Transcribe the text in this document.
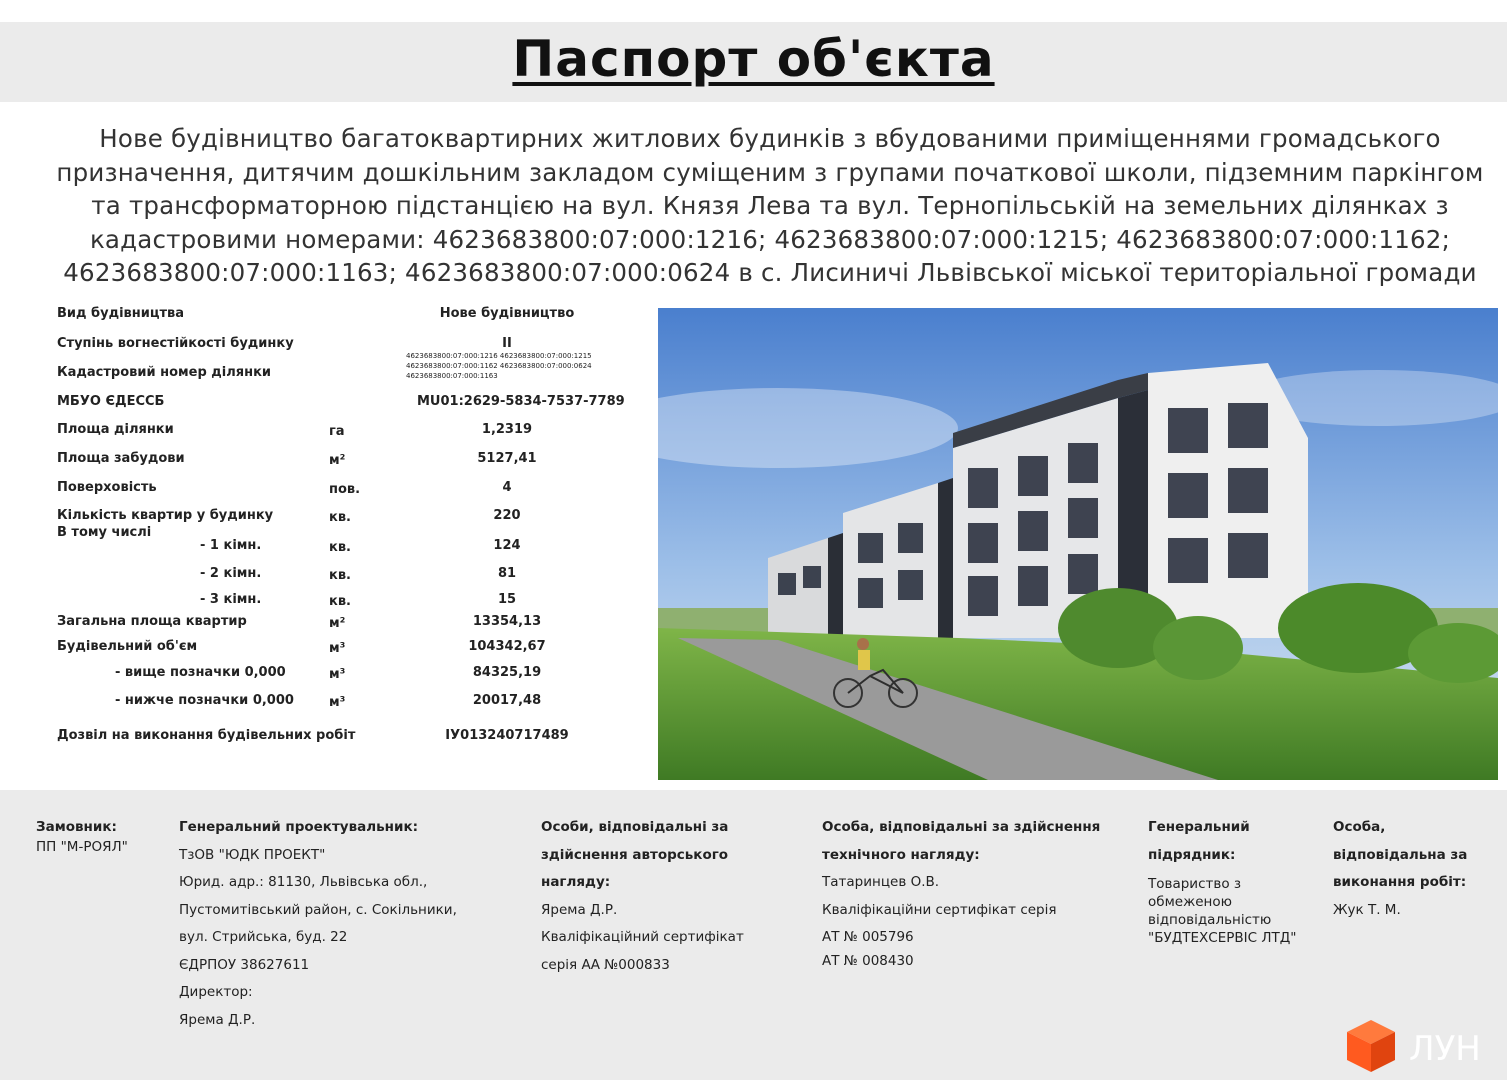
Паспорт об'єкта
Нове будівництво багатоквартирних житлових будинків з вбудованими приміщеннями громадського
призначення, дитячим дошкільним закладом суміщеним з групами початкової школи, підземним паркінгом
та трансформаторною підстанцією на вул. Князя Лева та вул. Тернопільській на земельних ділянках з
кадастровими номерами: 4623683800:07:000:1216; 4623683800:07:000:1215; 4623683800:07:000:1162;
4623683800:07:000:1163; 4623683800:07:000:0624 в с. Лисиничі Львівської міської територіальної громади
Вид будівництва	Нове будівництво
Ступінь вогнестійкості будинку	II
Кадастровий номер ділянки
4623683800:07:000:1216 4623683800:07:000:1215
4623683800:07:000:1162 4623683800:07:000:0624
4623683800:07:000:1163
МБУО ЄДЕССБ	MU01:2629-5834-7537-7789
Площа ділянки	га	1,2319
Площа забудови	м²	5127,41
Поверховість	пов.	4
Кількість квартир у будинку	кв.	220
В тому числі
- 1 кімн.	кв.	124
- 2 кімн.	кв.	81
- 3 кімн.	кв.	15
Загальна площа квартир	м²	13354,13
Будівельний об'єм	м³	104342,67
- вище позначки 0,000	м³	84325,19
- нижче позначки 0,000	м³	20017,48
Дозвіл на виконання будівельних робіт	ІУ013240717489
Замовник:
ПП "М-РОЯЛ"
Генеральний проектувальник:
ТзОВ "ЮДК ПРОЕКТ"
Юрид. адр.: 81130, Львівська обл.,
Пустомитівський район, с. Сокільники,
вул. Стрийська, буд. 22
ЄДРПОУ 38627611
Директор:
Ярема Д.Р.
Особи, відповідальні за
здійснення авторського
нагляду:
Ярема Д.Р.
Кваліфікаційний сертифікат
серія АА №000833
Особа, відповідальні за здійснення
технічного нагляду:
Татаринцев О.В.
Кваліфікаційни сертифікат серія
АТ № 005796
АТ № 008430
Генеральний
підрядник:
Товариство з
обмеженою
відповідальністю
"БУДТЕХСЕРВІС ЛТД"
Особа,
відповідальна за
виконання робіт:
Жук Т. М.
ЛУН
